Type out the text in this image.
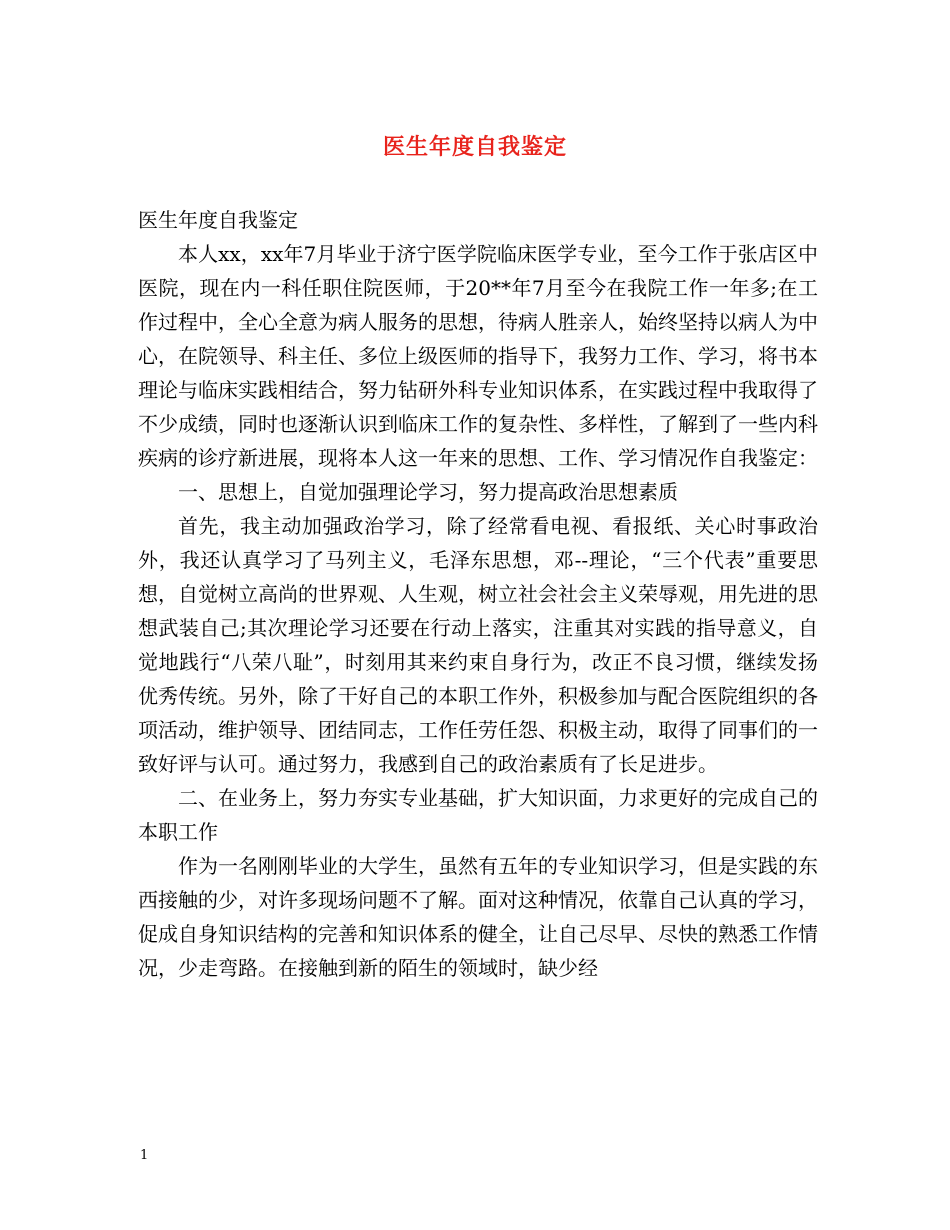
医生年度自我鉴定

医生年度自我鉴定

本人xx，xx年7月毕业于济宁医学院临床医学专业，至今工作于张店区中医院，现在内一科任职住院医师，于20**年7月至今在我院工作一年多;在工作过程中，全心全意为病人服务的思想，待病人胜亲人，始终坚持以病人为中心，在院领导、科主任、多位上级医师的指导下，我努力工作、学习，将书本理论与临床实践相结合，努力钻研外科专业知识体系，在实践过程中我取得了不少成绩，同时也逐渐认识到临床工作的复杂性、多样性，了解到了一些内科疾病的诊疗新进展，现将本人这一年来的思想、工作、学习情况作自我鉴定：

一、思想上，自觉加强理论学习，努力提高政治思想素质

首先，我主动加强政治学习，除了经常看电视、看报纸、关心时事政治外，我还认真学习了马列主义，毛泽东思想，邓--理论，“三个代表”重要思想，自觉树立高尚的世界观、人生观，树立社会社会主义荣辱观，用先进的思想武装自己;其次理论学习还要在行动上落实，注重其对实践的指导意义，自觉地践行“八荣八耻”，时刻用其来约束自身行为，改正不良习惯，继续发扬优秀传统。另外，除了干好自己的本职工作外，积极参加与配合医院组织的各项活动，维护领导、团结同志，工作任劳任怨、积极主动，取得了同事们的一致好评与认可。通过努力，我感到自己的政治素质有了长足进步。

二、在业务上，努力夯实专业基础，扩大知识面，力求更好的完成自己的本职工作

作为一名刚刚毕业的大学生，虽然有五年的专业知识学习，但是实践的东西接触的少，对许多现场问题不了解。面对这种情况，依靠自己认真的学习，促成自身知识结构的完善和知识体系的健全，让自己尽早、尽快的熟悉工作情况，少走弯路。在接触到新的陌生的领域时，缺少经

1
